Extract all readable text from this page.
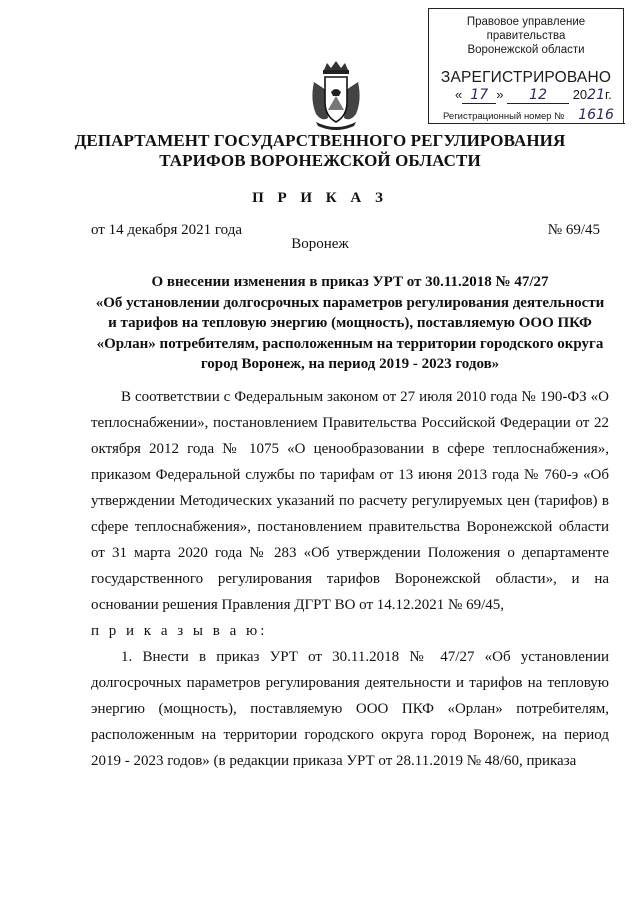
Правовое управление правительства
Воронежской области
ЗАРЕГИСТРИРОВАНО
« 17 » 12 2021г.
Регистрационный номер № 1616
ДЕПАРТАМЕНТ ГОСУДАРСТВЕННОГО РЕГУЛИРОВАНИЯ
ТАРИФОВ ВОРОНЕЖСКОЙ ОБЛАСТИ
П Р И К А З
от 14 декабря 2021 года	№ 69/45
Воронеж
О внесении изменения в приказ УРТ от 30.11.2018 № 47/27
«Об установлении долгосрочных параметров регулирования деятельности
и тарифов на тепловую энергию (мощность), поставляемую ООО ПКФ
«Орлан» потребителям, расположенным на территории городского округа
город Воронеж, на период 2019 - 2023 годов»

В соответствии с Федеральным законом от 27 июля 2010 года № 190-ФЗ «О теплоснабжении», постановлением Правительства Российской Федерации от 22 октября 2012 года № 1075 «О ценообразовании в сфере теплоснабжения», приказом Федеральной службы по тарифам от 13 июня 2013 года № 760-э «Об утверждении Методических указаний по расчету регулируемых цен (тарифов) в сфере теплоснабжения», постановлением правительства Воронежской области от 31 марта 2020 года № 283 «Об утверждении Положения о департаменте государственного регулирования тарифов Воронежской области», и на основании решения Правления ДГРТ ВО от 14.12.2021 № 69/45,

п р и к а з ы в а ю:

1. Внести в приказ УРТ от 30.11.2018 № 47/27 «Об установлении долгосрочных параметров регулирования деятельности и тарифов на тепловую энергию (мощность), поставляемую ООО ПКФ «Орлан» потребителям, расположенным на территории городского округа город Воронеж, на период 2019 - 2023 годов» (в редакции приказа УРТ от 28.11.2019 № 48/60, приказа
